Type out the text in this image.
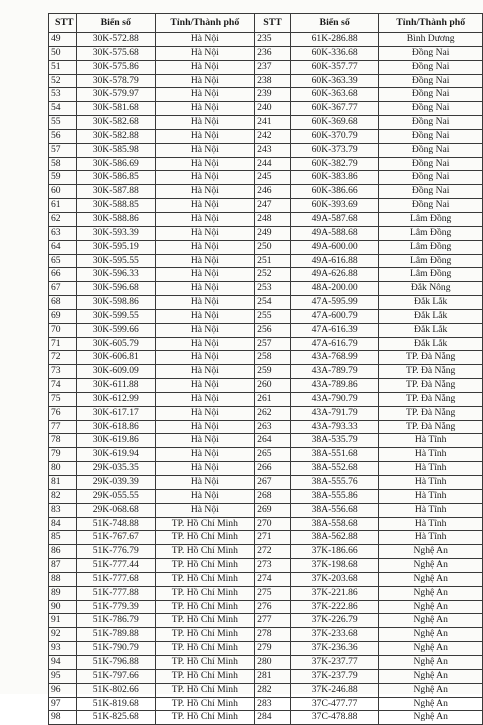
STT	Biển số	Tỉnh/Thành phố	STT	Biển số	Tỉnh/Thành phố
49	30K-572.88	Hà Nội	235	61K-286.88	Bình Dương
50	30K-575.68	Hà Nội	236	60K-336.68	Đồng Nai
51	30K-575.86	Hà Nội	237	60K-357.77	Đồng Nai
52	30K-578.79	Hà Nội	238	60K-363.39	Đồng Nai
53	30K-579.97	Hà Nội	239	60K-363.68	Đồng Nai
54	30K-581.68	Hà Nội	240	60K-367.77	Đồng Nai
55	30K-582.68	Hà Nội	241	60K-369.68	Đồng Nai
56	30K-582.88	Hà Nội	242	60K-370.79	Đồng Nai
57	30K-585.98	Hà Nội	243	60K-373.79	Đồng Nai
58	30K-586.69	Hà Nội	244	60K-382.79	Đồng Nai
59	30K-586.85	Hà Nội	245	60K-383.86	Đồng Nai
60	30K-587.88	Hà Nội	246	60K-386.66	Đồng Nai
61	30K-588.85	Hà Nội	247	60K-393.69	Đồng Nai
62	30K-588.86	Hà Nội	248	49A-587.68	Lâm Đồng
63	30K-593.39	Hà Nội	249	49A-588.68	Lâm Đồng
64	30K-595.19	Hà Nội	250	49A-600.00	Lâm Đồng
65	30K-595.55	Hà Nội	251	49A-616.88	Lâm Đồng
66	30K-596.33	Hà Nội	252	49A-626.88	Lâm Đồng
67	30K-596.68	Hà Nội	253	48A-200.00	Đắk Nông
68	30K-598.86	Hà Nội	254	47A-595.99	Đắk Lắk
69	30K-599.55	Hà Nội	255	47A-600.79	Đắk Lắk
70	30K-599.66	Hà Nội	256	47A-616.39	Đắk Lắk
71	30K-605.79	Hà Nội	257	47A-616.79	Đắk Lắk
72	30K-606.81	Hà Nội	258	43A-768.99	TP. Đà Nẵng
73	30K-609.09	Hà Nội	259	43A-789.79	TP. Đà Nẵng
74	30K-611.88	Hà Nội	260	43A-789.86	TP. Đà Nẵng
75	30K-612.99	Hà Nội	261	43A-790.79	TP. Đà Nẵng
76	30K-617.17	Hà Nội	262	43A-791.79	TP. Đà Nẵng
77	30K-618.86	Hà Nội	263	43A-793.33	TP. Đà Nẵng
78	30K-619.86	Hà Nội	264	38A-535.79	Hà Tĩnh
79	30K-619.94	Hà Nội	265	38A-551.68	Hà Tĩnh
80	29K-035.35	Hà Nội	266	38A-552.68	Hà Tĩnh
81	29K-039.39	Hà Nội	267	38A-555.76	Hà Tĩnh
82	29K-055.55	Hà Nội	268	38A-555.86	Hà Tĩnh
83	29K-068.68	Hà Nội	269	38A-556.68	Hà Tĩnh
84	51K-748.88	TP. Hồ Chí Minh	270	38A-558.68	Hà Tĩnh
85	51K-767.67	TP. Hồ Chí Minh	271	38A-562.88	Hà Tĩnh
86	51K-776.79	TP. Hồ Chí Minh	272	37K-186.66	Nghệ An
87	51K-777.44	TP. Hồ Chí Minh	273	37K-198.68	Nghệ An
88	51K-777.68	TP. Hồ Chí Minh	274	37K-203.68	Nghệ An
89	51K-777.88	TP. Hồ Chí Minh	275	37K-221.86	Nghệ An
90	51K-779.39	TP. Hồ Chí Minh	276	37K-222.86	Nghệ An
91	51K-786.79	TP. Hồ Chí Minh	277	37K-226.79	Nghệ An
92	51K-789.88	TP. Hồ Chí Minh	278	37K-233.68	Nghệ An
93	51K-790.79	TP. Hồ Chí Minh	279	37K-236.36	Nghệ An
94	51K-796.88	TP. Hồ Chí Minh	280	37K-237.77	Nghệ An
95	51K-797.66	TP. Hồ Chí Minh	281	37K-237.79	Nghệ An
96	51K-802.66	TP. Hồ Chí Minh	282	37K-246.88	Nghệ An
97	51K-819.68	TP. Hồ Chí Minh	283	37C-477.77	Nghệ An
98	51K-825.68	TP. Hồ Chí Minh	284	37C-478.88	Nghệ An
